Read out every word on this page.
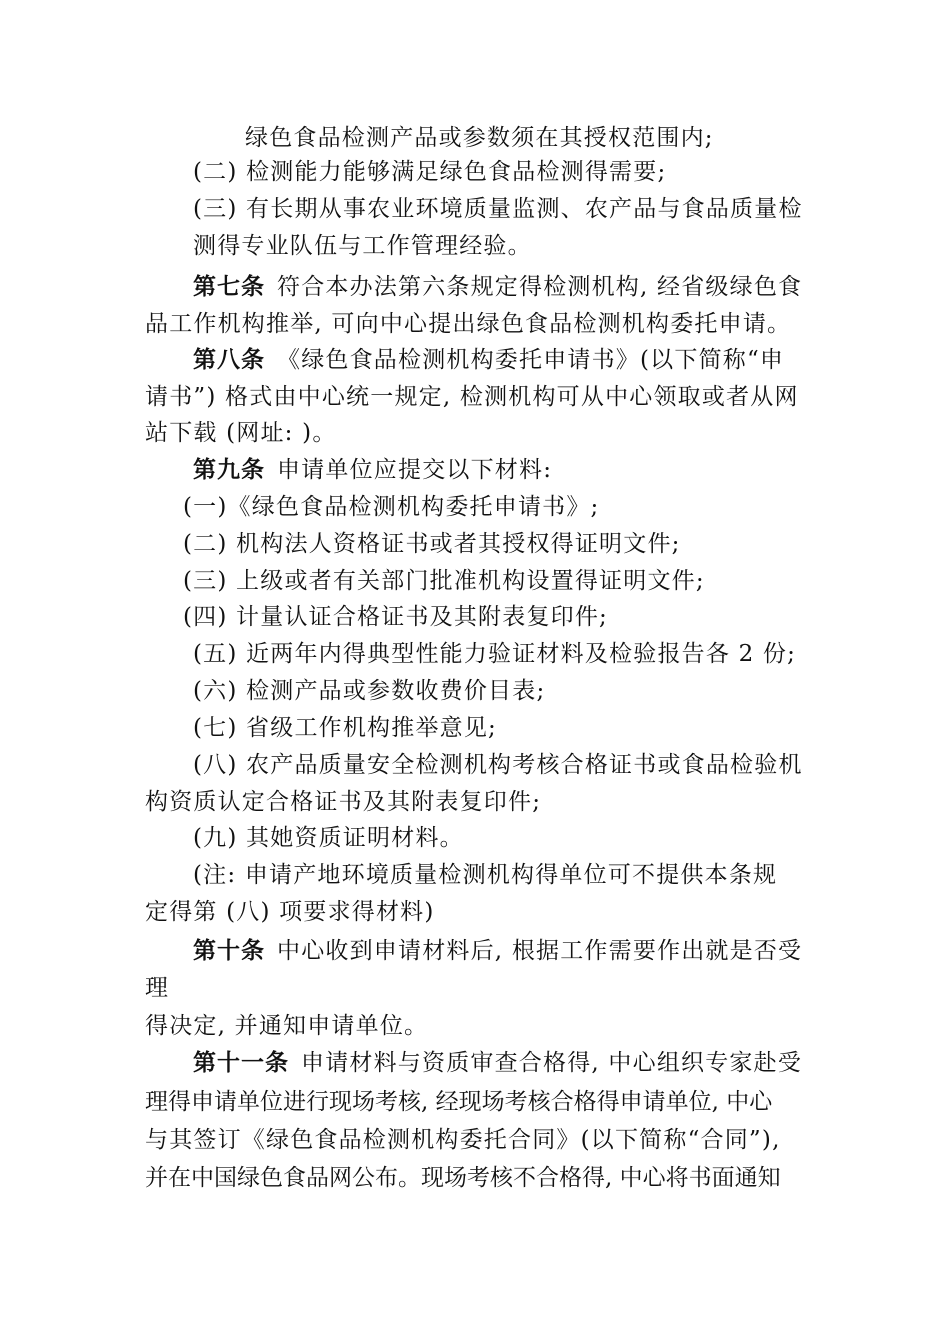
绿色食品检测产品或参数须在其授权范围内;
(二) 检测能力能够满足绿色食品检测得需要;
(三) 有长期从事农业环境质量监测、农产品与食品质量检
测得专业队伍与工作管理经验。
第七条 符合本办法第六条规定得检测机构, 经省级绿色食
品工作机构推举, 可向中心提出绿色食品检测机构委托申请。
第八条 《绿色食品检测机构委托申请书》(以下简称“申
请书”) 格式由中心统一规定, 检测机构可从中心领取或者从网
站下载 (网址: )。
第九条 申请单位应提交以下材料:
(一)《绿色食品检测机构委托申请书》;
(二) 机构法人资格证书或者其授权得证明文件;
(三) 上级或者有关部门批准机构设置得证明文件;
(四) 计量认证合格证书及其附表复印件;
(五) 近两年内得典型性能力验证材料及检验报告各 2 份;
(六) 检测产品或参数收费价目表;
(七) 省级工作机构推举意见;
(八) 农产品质量安全检测机构考核合格证书或食品检验机
构资质认定合格证书及其附表复印件;
(九) 其她资质证明材料。
(注: 申请产地环境质量检测机构得单位可不提供本条规
定得第 (八) 项要求得材料)
第十条 中心收到申请材料后, 根据工作需要作出就是否受
理
得决定, 并通知申请单位。
第十一条 申请材料与资质审查合格得, 中心组织专家赴受
理得申请单位进行现场考核, 经现场考核合格得申请单位, 中心
与其签订《绿色食品检测机构委托合同》(以下简称“合同”),
并在中国绿色食品网公布。现场考核不合格得, 中心将书面通知
